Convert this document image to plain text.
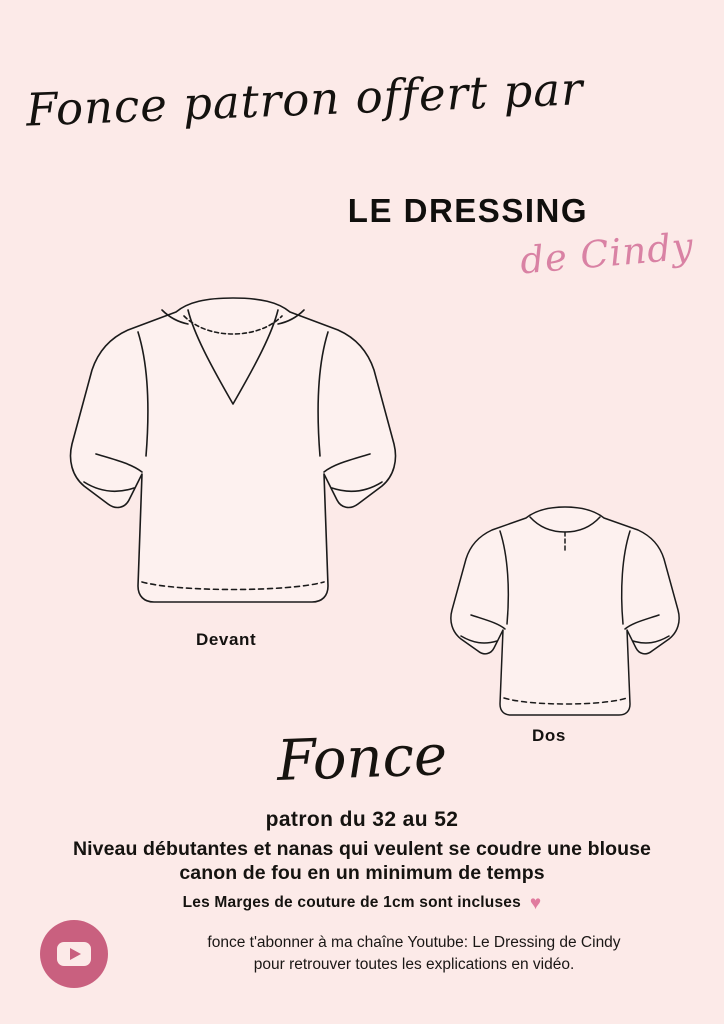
Fonce patron offert par
LE DRESSING
de Cindy
Devant
Dos
Fonce
patron du 32 au 52
Niveau débutantes et nanas qui veulent se coudre une blouse
canon de fou en un minimum de temps
Les Marges de couture de 1cm sont incluses ♥
fonce t'abonner à ma chaîne Youtube: Le Dressing de Cindy
pour retrouver toutes les explications en vidéo.
